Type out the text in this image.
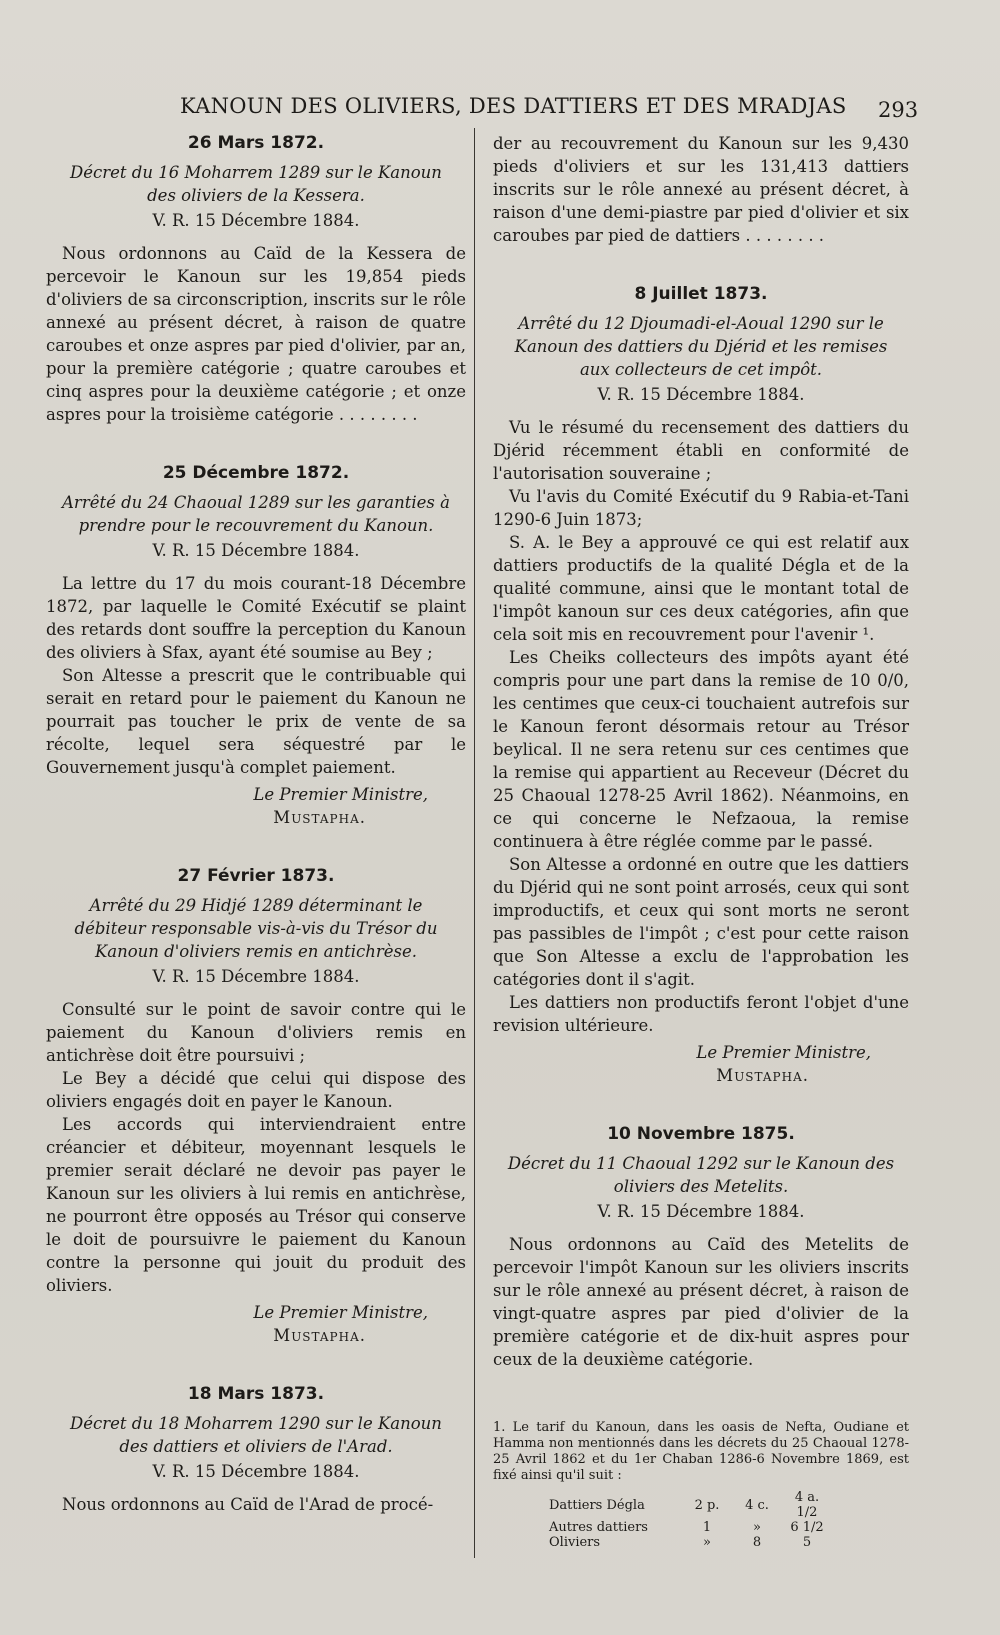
KANOUN DES OLIVIERS, DES DATTIERS ET DES MRADJAS 293
26 Mars 1872.
Décret du 16 Moharrem 1289 sur le Kanoun des oliviers de la Kessera.
V. R. 15 Décembre 1884.

Nous ordonnons au Caïd de la Kessera de percevoir le Kanoun sur les 19,854 pieds d'oliviers de sa circonscription, inscrits sur le rôle annexé au présent décret, à raison de quatre caroubes et onze aspres par pied d'olivier, par an, pour la première catégorie ; quatre caroubes et cinq aspres pour la deuxième catégorie ; et onze aspres pour la troisième catégorie . . . . . . . .

25 Décembre 1872.
Arrêté du 24 Chaoual 1289 sur les garanties à prendre pour le recouvrement du Kanoun.
V. R. 15 Décembre 1884.

La lettre du 17 du mois courant-18 Décembre 1872, par laquelle le Comité Exécutif se plaint des retards dont souffre la perception du Kanoun des oliviers à Sfax, ayant été soumise au Bey ;

Son Altesse a prescrit que le contribuable qui serait en retard pour le paiement du Kanoun ne pourrait pas toucher le prix de vente de sa récolte, lequel sera séquestré par le Gouvernement jusqu'à complet paiement.

Le Premier Ministre,
Mustapha.
27 Février 1873.
Arrêté du 29 Hidjé 1289 déterminant le débiteur responsable vis-à-vis du Trésor du Kanoun d'oliviers remis en antichrèse.
V. R. 15 Décembre 1884.

Consulté sur le point de savoir contre qui le paiement du Kanoun d'oliviers remis en antichrèse doit être poursuivi ;

Le Bey a décidé que celui qui dispose des oliviers engagés doit en payer le Kanoun.

Les accords qui interviendraient entre créancier et débiteur, moyennant lesquels le premier serait déclaré ne devoir pas payer le Kanoun sur les oliviers à lui remis en antichrèse, ne pourront être opposés au Trésor qui conserve le doit de poursuivre le paiement du Kanoun contre la personne qui jouit du produit des oliviers.

Le Premier Ministre,
Mustapha.
18 Mars 1873.
Décret du 18 Moharrem 1290 sur le Kanoun des dattiers et oliviers de l'Arad.
V. R. 15 Décembre 1884.

Nous ordonnons au Caïd de l'Arad de procé-

der au recouvrement du Kanoun sur les 9,430 pieds d'oliviers et sur les 131,413 dattiers inscrits sur le rôle annexé au présent décret, à raison d'une demi-piastre par pied d'olivier et six caroubes par pied de dattiers . . . . . . . .

8 Juillet 1873.
Arrêté du 12 Djoumadi-el-Aoual 1290 sur le Kanoun des dattiers du Djérid et les remises aux collecteurs de cet impôt.
V. R. 15 Décembre 1884.

Vu le résumé du recensement des dattiers du Djérid récemment établi en conformité de l'autorisation souveraine ;

Vu l'avis du Comité Exécutif du 9 Rabia-et-Tani 1290-6 Juin 1873;

S. A. le Bey a approuvé ce qui est relatif aux dattiers productifs de la qualité Dégla et de la qualité commune, ainsi que le montant total de l'impôt kanoun sur ces deux catégories, afin que cela soit mis en recouvrement pour l'avenir ¹.

Les Cheiks collecteurs des impôts ayant été compris pour une part dans la remise de 10 0/0, les centimes que ceux-ci touchaient autrefois sur le Kanoun feront désormais retour au Trésor beylical. Il ne sera retenu sur ces centimes que la remise qui appartient au Receveur (Décret du 25 Chaoual 1278-25 Avril 1862). Néanmoins, en ce qui concerne le Nefzaoua, la remise continuera à être réglée comme par le passé.

Son Altesse a ordonné en outre que les dattiers du Djérid qui ne sont point arrosés, ceux qui sont improductifs, et ceux qui sont morts ne seront pas passibles de l'impôt ; c'est pour cette raison que Son Altesse a exclu de l'approbation les catégories dont il s'agit.

Les dattiers non productifs feront l'objet d'une revision ultérieure.

Le Premier Ministre,
Mustapha.
10 Novembre 1875.
Décret du 11 Chaoual 1292 sur le Kanoun des oliviers des Metelits.
V. R. 15 Décembre 1884.

Nous ordonnons au Caïd des Metelits de percevoir l'impôt Kanoun sur les oliviers inscrits sur le rôle annexé au présent décret, à raison de vingt-quatre aspres par pied d'olivier de la première catégorie et de dix-huit aspres pour ceux de la deuxième catégorie.

1. Le tarif du Kanoun, dans les oasis de Nefta, Oudiane et Hamma non mentionnés dans les décrets du 25 Chaoual 1278-25 Avril 1862 et du 1er Chaban 1286-6 Novembre 1869, est fixé ainsi qu'il suit :

Dattiers Dégla	2 p.	4 c.	4 a. 1/2
Autres dattiers	1	»	6 1/2
Oliviers	»	8	5
